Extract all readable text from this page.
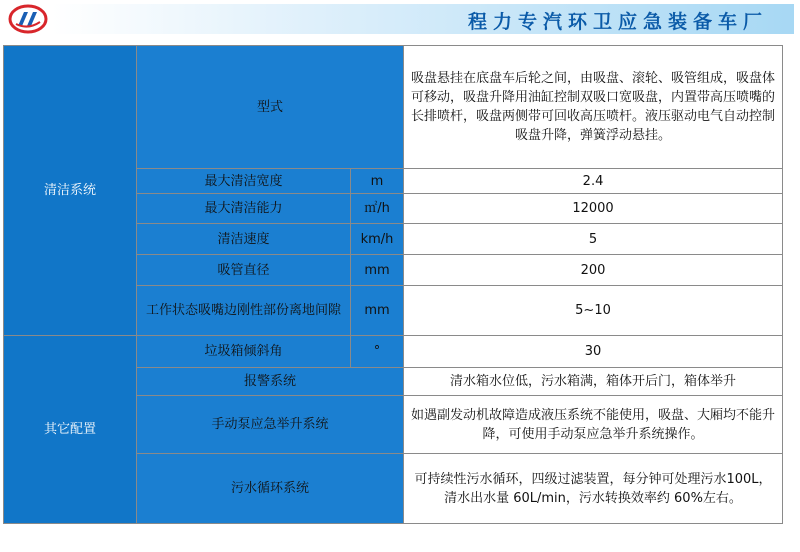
程力专汽环卫应急装备车厂
清洁系统	型式		吸盘悬挂在底盘车后轮之间，由吸盘、滚轮、吸管组成，吸盘体可移动，吸盘升降用油缸控制双吸口宽吸盘，内置带高压喷嘴的长排喷杆，吸盘两侧带可回收高压喷杆。液压驱动电气自动控制吸盘升降，弹簧浮动悬挂。
	最大清洁宽度	m	2.4
	最大清洁能力	㎡/h	12000
	清洁速度	km/h	5
	吸管直径	mm	200
	工作状态吸嘴边刚性部份离地间隙	mm	5~10
其它配置	垃圾箱倾斜角	°	30
	报警系统		清水箱水位低，污水箱满，箱体开后门，箱体举升
	手动泵应急举升系统		如遇副发动机故障造成液压系统不能使用，吸盘、大厢均不能升降，可使用手动泵应急举升系统操作。
	污水循环系统		可持续性污水循环，四级过滤装置，每分钟可处理污水100L，清水出水量 60L/min，污水转换效率约 60%左右。
